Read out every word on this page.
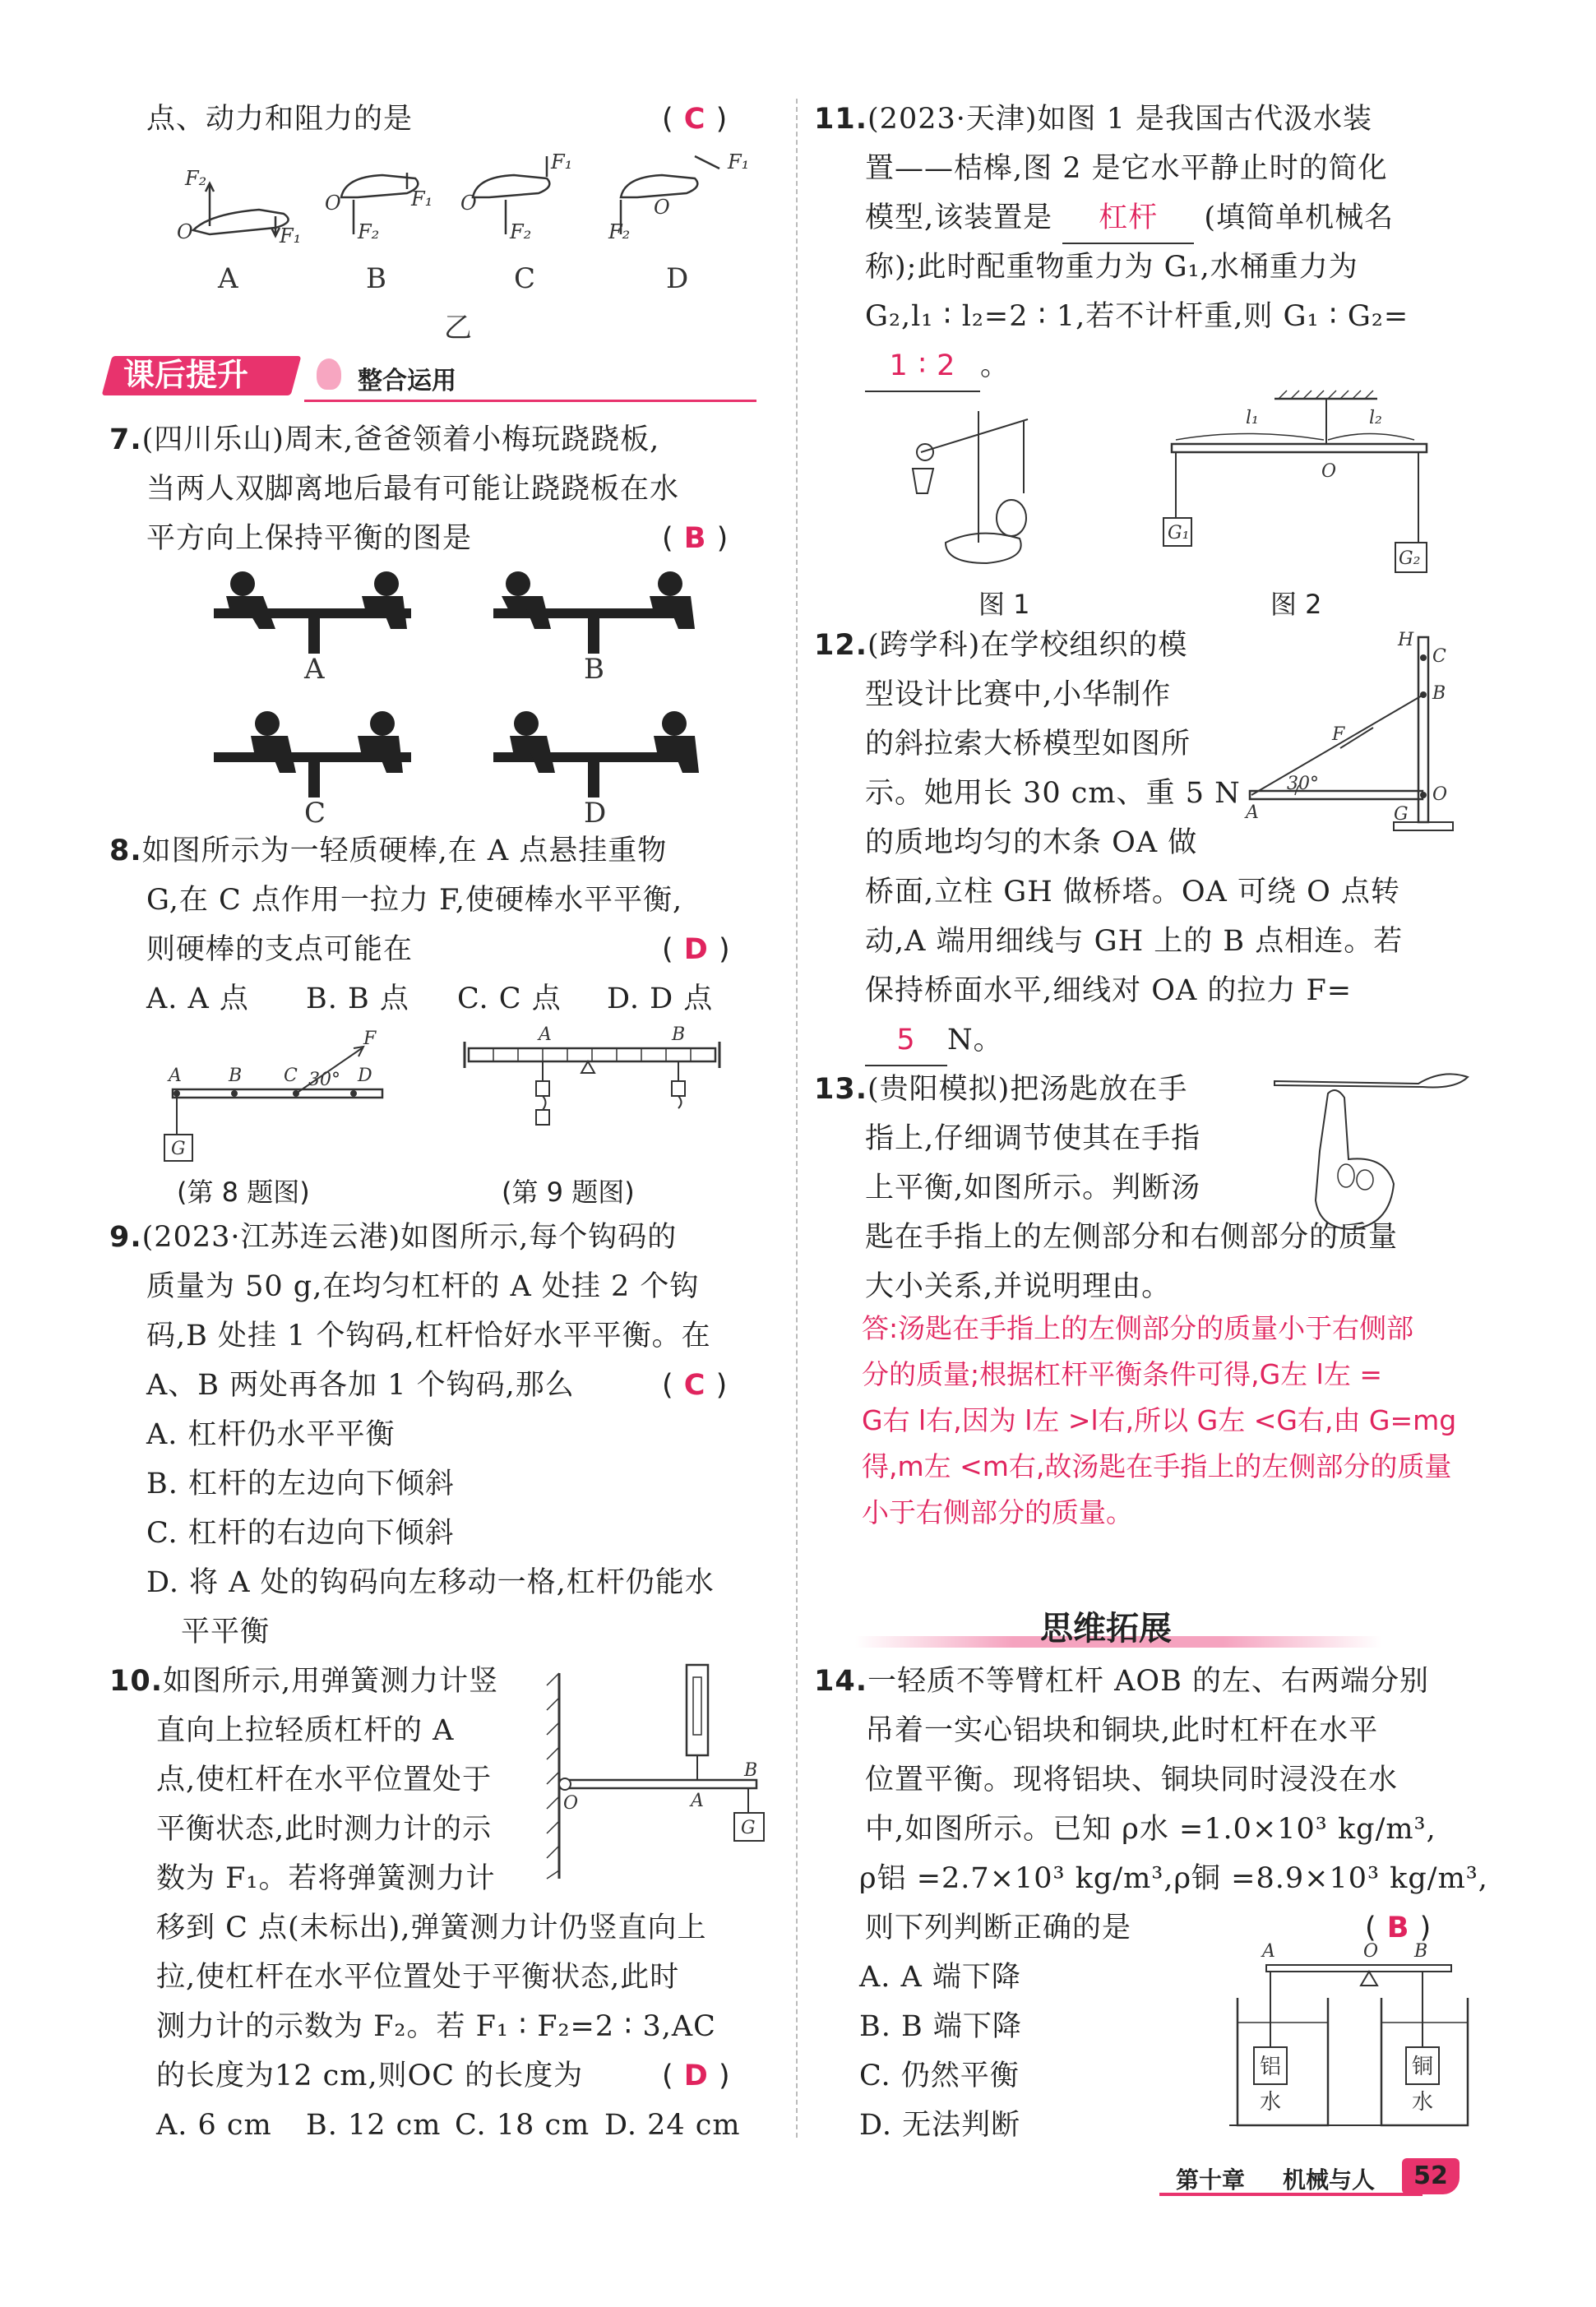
点、动力和阻力的是	( C )
O
F₂
F₁
O
F₂
F₁ O
F₂
F₁
O
F₂
F₁
A	B	C	D
乙
课后提升	整合运用
7.(四川乐山)周末,爸爸领着小梅玩跷跷板,
当两人双脚离地后最有可能让跷跷板在水
平方向上保持平衡的图是	( B )
A	B
C	D
8.如图所示为一轻质硬棒,在 A 点悬挂重物
G,在 C 点作用一拉力 F,使硬棒水平平衡,
则硬棒的支点可能在	( D )
A. A 点 B. B 点 C. C 点 D. D 点
A	B C 30° D
F
G
(第 8 题图)
A	B
(第 9 题图)
9.(2023·江苏连云港)如图所示,每个钩码的
质量为 50 g,在均匀杠杆的 A 处挂 2 个钩
码,B 处挂 1 个钩码,杠杆恰好水平平衡。在
A、B 两处再各加 1 个钩码,那么	( C )
A. 杠杆仍水平平衡
B. 杠杆的左边向下倾斜
C. 杠杆的右边向下倾斜
D. 将 A 处的钩码向左移动一格,杠杆仍能水
平平衡
10.如图所示,用弹簧测力计竖
直向上拉轻质杠杆的 A
点,使杠杆在水平位置处于
平衡状态,此时测力计的示
数为 F₁。若将弹簧测力计
移到 C 点(未标出),弹簧测力计仍竖直向上
拉,使杠杆在水平位置处于平衡状态,此时
测力计的示数为 F₂。若 F₁ ∶ F₂=2 ∶ 3,AC
的长度为12 cm,则OC 的长度为	( D )
A. 6 cm B. 12 cm C. 18 cm D. 24 cm
O	A
B
G
11.(2023·天津)如图 1 是我国古代汲水装
置——桔槔,图 2 是它水平静止时的简化
模型,该装置是 杠杆 (填简单机械名
称);此时配重物重力为 G₁,水桶重力为
G₂,l₁ ∶ l₂=2 ∶ 1,若不计杆重,则 G₁ ∶ G₂=
1 ∶ 2 。
图 1
l₁	l₂
O
G₁
G₂
图 2
12.(跨学科)在学校组织的模
型设计比赛中,小华制作
的斜拉索大桥模型如图所
示。她用长 30 cm、重 5 N
的质地均匀的木条 OA 做
桥面,立柱 GH 做桥塔。OA 可绕 O 点转
动,A 端用细线与 GH 上的 B 点相连。若
保持桥面水平,细线对 OA 的拉力 F=
5 N。
H
C
B
F
30°
A	G
O
13.(贵阳模拟)把汤匙放在手
指上,仔细调节使其在手指
上平衡,如图所示。判断汤
匙在手指上的左侧部分和右侧部分的质量
大小关系,并说明理由。
答:汤匙在手指上的左侧部分的质量小于右侧部
分的质量;根据杠杆平衡条件可得,G左 l左 =
G右 l右,因为 l左 >l右,所以 G左 <G右,由 G=mg
得,m左 <m右,故汤匙在手指上的左侧部分的质量
小于右侧部分的质量。
思维拓展
14.一轻质不等臂杠杆 AOB 的左、右两端分别
吊着一实心铝块和铜块,此时杠杆在水平
位置平衡。现将铝块、铜块同时浸没在水
中,如图所示。已知 ρ水 =1.0×10³ kg/m³,
ρ铝 =2.7×10³ kg/m³,ρ铜 =8.9×10³ kg/m³,
则下列判断正确的是	( B )
A. A 端下降
B. B 端下降
C. 仍然平衡
D. 无法判断
A	O B
铝
水
铜
水
第十章 机械与人	52
